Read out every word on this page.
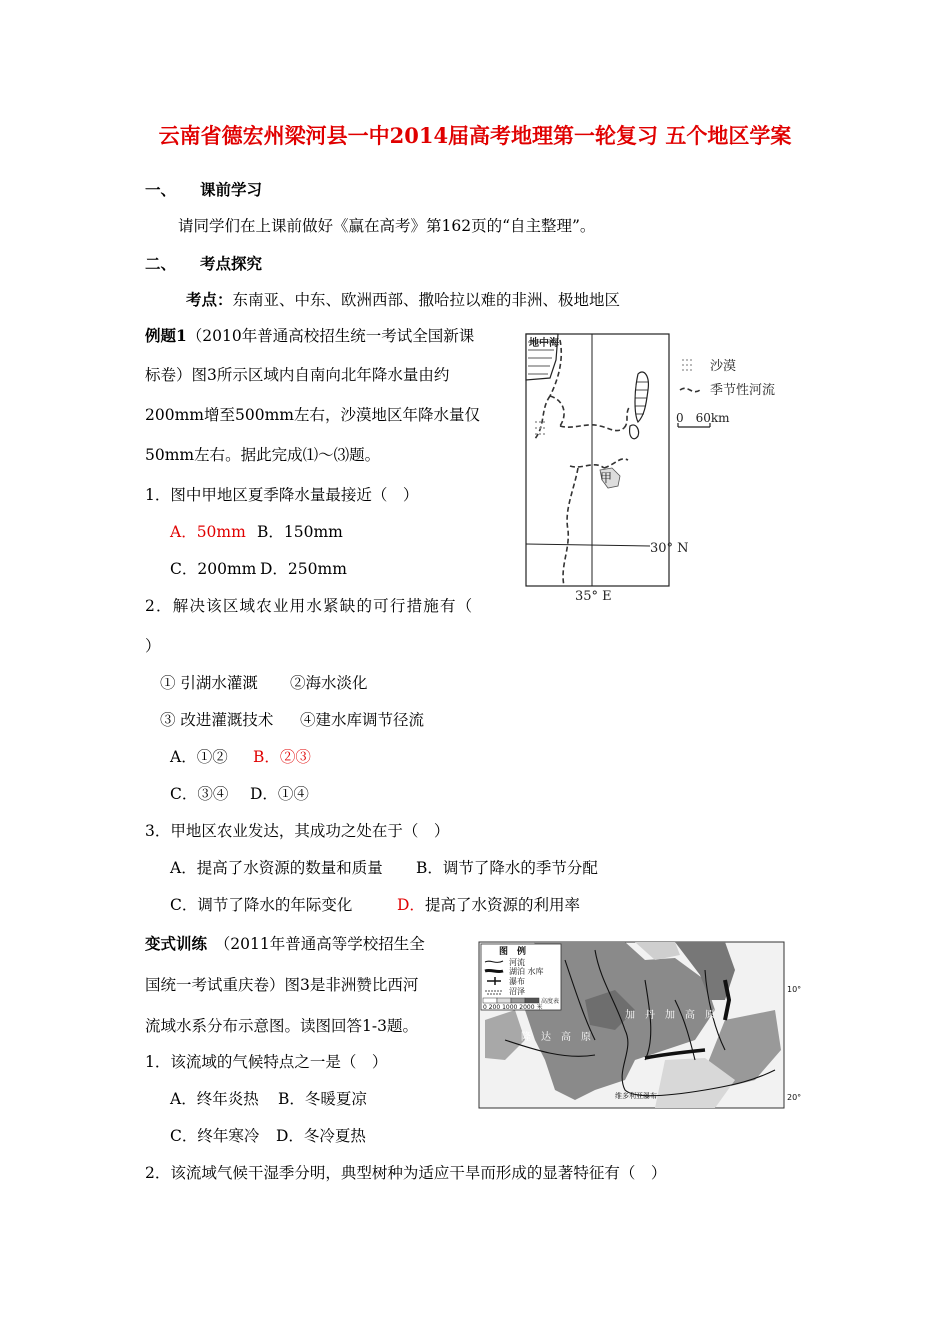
云南省德宏州梁河县一中2014届高考地理第一轮复习 五个地区学案
一、 课前学习
请同学们在上课前做好《赢在高考》第162页的“自主整理”。
二、 考点探究
考点：东南亚、中东、欧洲西部、撒哈拉以难的非洲、极地地区
例题1（2010年普通高校招生统一考试全国新课
标卷）图3所示区域内自南向北年降水量由约
200mm增至500mm左右，沙漠地区年降水量仅
50mm左右。据此完成⑴～⑶题。
1．图中甲地区夏季降水量最接近（　）
A．50mm B．150mm
C．200mm D．250mm
2．解决该区域农业用水紧缺的可行措施有（
）
① 引湖水灌溉 ②海水淡化
③ 改进灌溉技术 ④建水库调节径流
A．①② B．②③
C．③④ D．①④
3．甲地区农业发达，其成功之处在于（　）
A．提高了水资源的数量和质量 B．调节了降水的季节分配
C．调节了降水的年际变化	D．提高了水资源的利用率
地中海
甲
30° N
35° E
沙漠
季节性河流
0　60km
变式训练　 （2011年普通高等学校招生全
国统一考试重庆卷）图3是非洲赞比西河
流域水系分布示意图。读图回答1-3题。
1．该流域的气候特点之一是（　）
A．终年炎热 B．冬暖夏凉
C．终年寒冷 D．冬冷夏热
2．该流域气候干湿季分明，典型树种为适应干旱而形成的显著特征有（　）
图　例
河流
湖泊 水库
瀑布
沼泽
高度表
0 200 1000 2000 米
加　丹　加　高　原
隆　达　高　原
维多利亚瀑布
10°
20°
